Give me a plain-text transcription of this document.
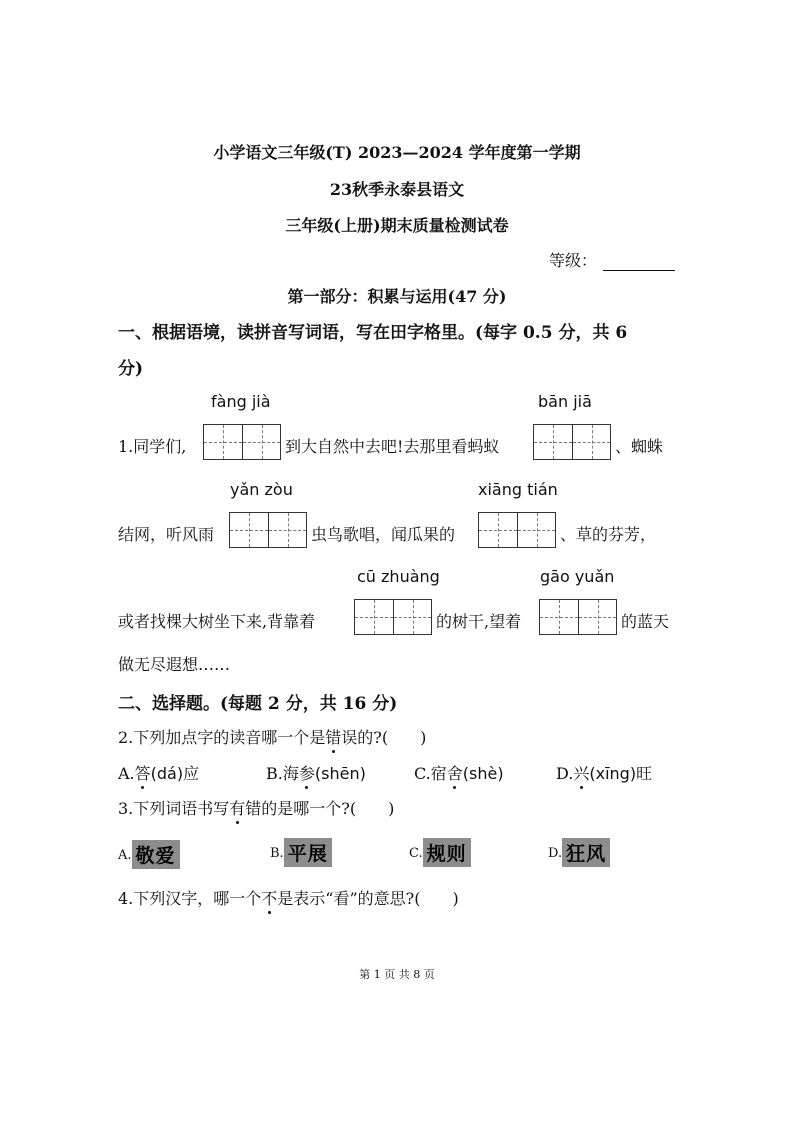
小学语文三年级(T) 2023—2024 学年度第一学期
23秋季永泰县语文
三年级(上册)期末质量检测试卷
等级：
第一部分：积累与运用(47 分)
一、根据语境，读拼音写词语，写在田字格里。(每字 0.5 分，共 6
分)
fàng jià	bān jiā
1.同学们,	到大自然中去吧!去那里看蚂蚁	、蜘蛛
yǎn zòu	xiāng tián
结网，听风雨	虫鸟歌唱，闻瓜果的	、草的芬芳，
cū zhuàng	gāo yuǎn
或者找棵大树坐下来,背靠着	的树干,望着	的蓝天
做无尽遐想……
二、选择题。(每题 2 分，共 16 分)
2.下列加点字的读音哪一个是错误的?( )
A.答(dá)应	B.海参(shēn)	C.宿舍(shè)	D.兴(xīng)旺
3.下列词语书写有错的是哪一个?( )
A. 敬爱	B. 平展	C. 规则	D. 狂风
4.下列汉字，哪一个不是表示“看”的意思?( )
第 1 页 共 8 页
